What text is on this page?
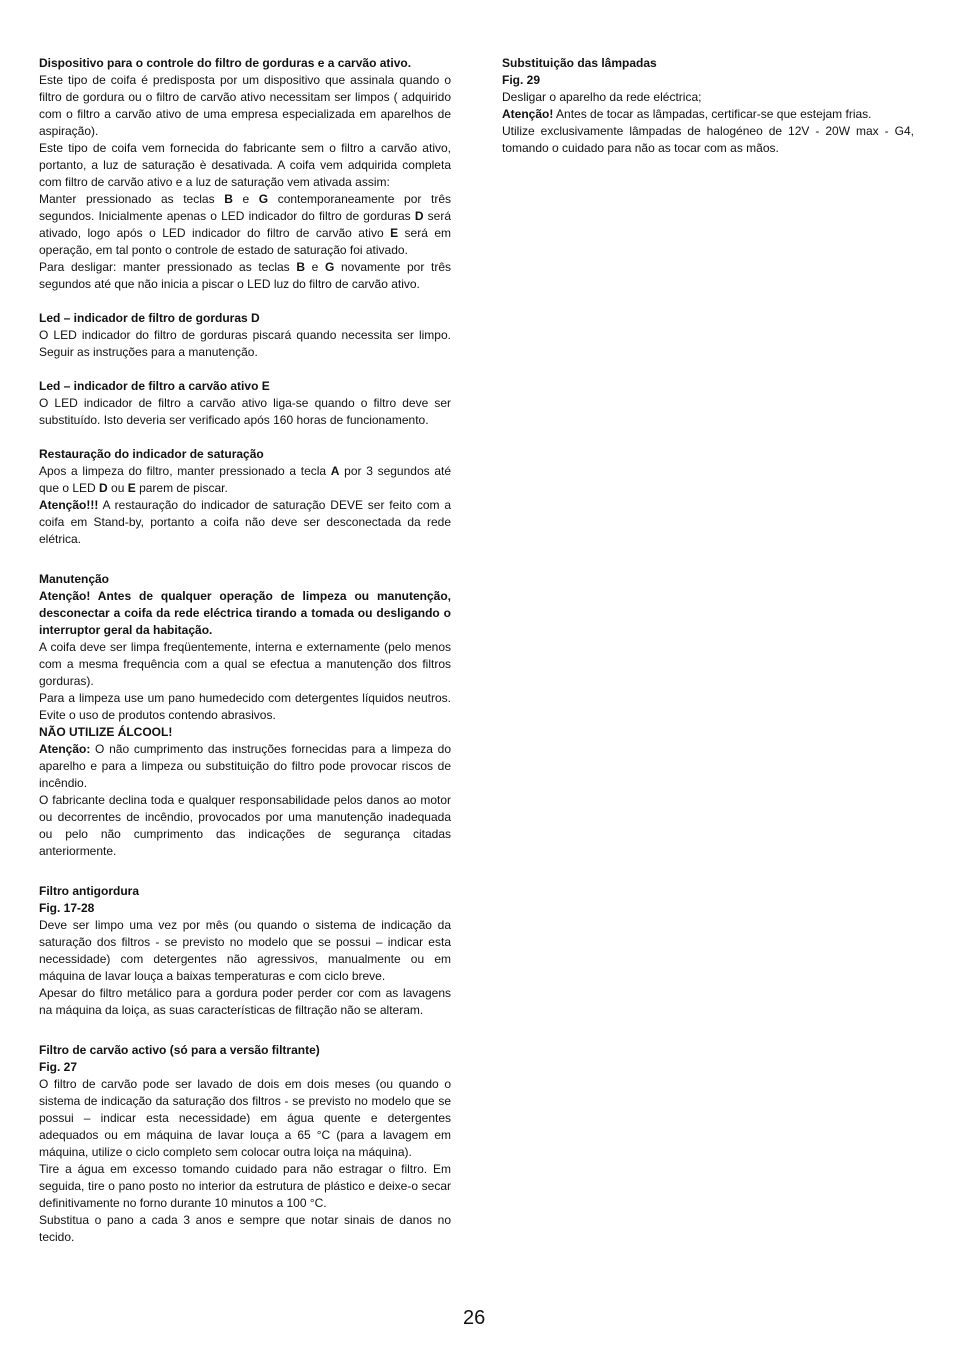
Dispositivo para o controle do filtro de gorduras e a carvão ativo.

Este tipo de coifa é predisposta por um dispositivo que assinala quando o filtro de gordura ou o filtro de carvão ativo necessitam ser limpos ( adquirido com o filtro a carvão ativo de uma empresa especializada em aparelhos de aspiração).

Este tipo de coifa vem fornecida do fabricante sem o filtro a carvão ativo, portanto, a luz de saturação è desativada. A coifa vem adquirida completa com filtro de carvão ativo e a luz de saturação vem ativada assim:

Manter pressionado as teclas B e G contemporaneamente por três segundos. Inicialmente apenas o LED indicador do filtro de gorduras D será ativado, logo após o LED indicador do filtro de carvão ativo E será em operação, em tal ponto o controle de estado de saturação foi ativado.

Para desligar: manter pressionado as teclas B e G novamente por três segundos até que não inicia a piscar o LED luz do filtro de carvão ativo.

Led – indicador de filtro de gorduras D

O LED indicador do filtro de gorduras piscará quando necessita ser limpo. Seguir as instruções para a manutenção.

Led – indicador de filtro a carvão ativo E

O LED indicador de filtro a carvão ativo liga-se quando o filtro deve ser substituído. Isto deveria ser verificado após 160 horas de funcionamento.

Restauração do indicador de saturação

Apos a limpeza do filtro, manter pressionado a tecla A por 3 segundos até que o LED D ou E parem de piscar.

Atenção!!! A restauração do indicador de saturação DEVE ser feito com a coifa em Stand-by, portanto a coifa não deve ser desconectada da rede elétrica.

Manutenção

Atenção! Antes de qualquer operação de limpeza ou manutenção, desconectar a coifa da rede eléctrica tirando a tomada ou desligando o interruptor geral da habitação.

A coifa deve ser limpa freqüentemente, interna e externamente (pelo menos com a mesma frequência com a qual se efectua a manutenção dos filtros gorduras).

Para a limpeza use um pano humedecido com detergentes líquidos neutros. Evite o uso de produtos contendo abrasivos.

NÃO UTILIZE ÁLCOOL!

Atenção: O não cumprimento das instruções fornecidas para a limpeza do aparelho e para a limpeza ou substituição do filtro pode provocar riscos de incêndio.

O fabricante declina toda e qualquer responsabilidade pelos danos ao motor ou decorrentes de incêndio, provocados por uma manutenção inadequada ou pelo não cumprimento das indicações de segurança citadas anteriormente.

Filtro antigordura

Fig. 17-28

Deve ser limpo uma vez por mês (ou quando o sistema de indicação da saturação dos filtros - se previsto no modelo que se possui – indicar esta necessidade) com detergentes não agressivos, manualmente ou em máquina de lavar louça a baixas temperaturas e com ciclo breve.

Apesar do filtro metálico para a gordura poder perder cor com as lavagens na máquina da loiça, as suas características de filtração não se alteram.

Filtro de carvão activo (só para a versão filtrante)

Fig. 27

O filtro de carvão pode ser lavado de dois em dois meses (ou quando o sistema de indicação da saturação dos filtros - se previsto no modelo que se possui – indicar esta necessidade) em água quente e detergentes adequados ou em máquina de lavar louça a 65 °C (para a lavagem em máquina, utilize o ciclo completo sem colocar outra loiça na máquina).

Tire a água em excesso tomando cuidado para não estragar o filtro. Em seguida, tire o pano posto no interior da estrutura de plástico e deixe-o secar definitivamente no forno durante 10 minutos a 100 °C.

Substitua o pano a cada 3 anos e sempre que notar sinais de danos no tecido.

Substituição das lâmpadas

Fig. 29

Desligar o aparelho da rede eléctrica;

Atenção! Antes de tocar as lâmpadas, certificar-se que estejam frias.

Utilize exclusivamente lâmpadas de halogéneo de 12V - 20W max - G4, tomando o cuidado para não as tocar com as mãos.

26
